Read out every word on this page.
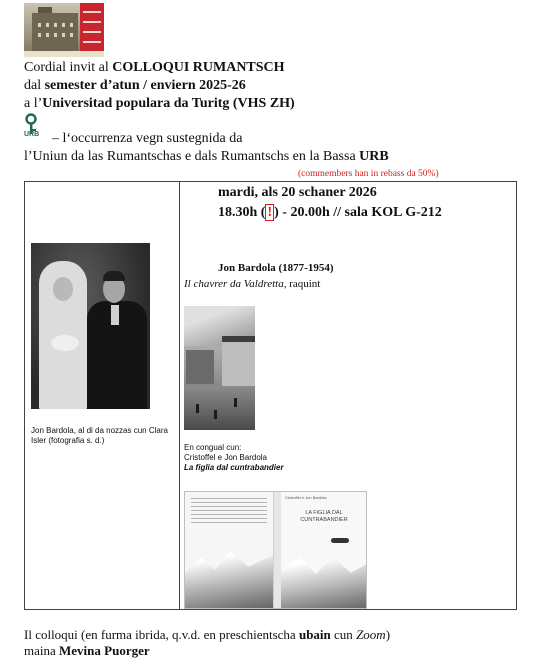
Cordial invit al COLLOQUI RUMANTSCH
dal semester d’atun / enviern 2025-26
a l’Universitad populara da Turitg (VHS ZH)
URB – l‘occurrenza vegn sustegnida da
l’Uniun da las Rumantschas e dals Rumantschs en la Bassa URB
(commembers han in rebass da 50%)
Jon Bardola, al di da nozzas cun Clara Isler (fotografia s. d.)
mardi, als 20 schaner 2026
18.30h ( ! ) - 20.00h // sala KOL G-212
Jon Bardola (1877-1954)
Il chavrer da Valdretta, raquint
En congual cun:
Cristoffel e Jon Bardola
La figlia dal cuntrabandier
Cristoffel e Jon Bardola
LA FIGLIA DAL
CUNTRABANDIER
Il colloqui (en furma ibrida, q.v.d. en preschientscha ubain cun Zoom)
maina Mevina Puorger
